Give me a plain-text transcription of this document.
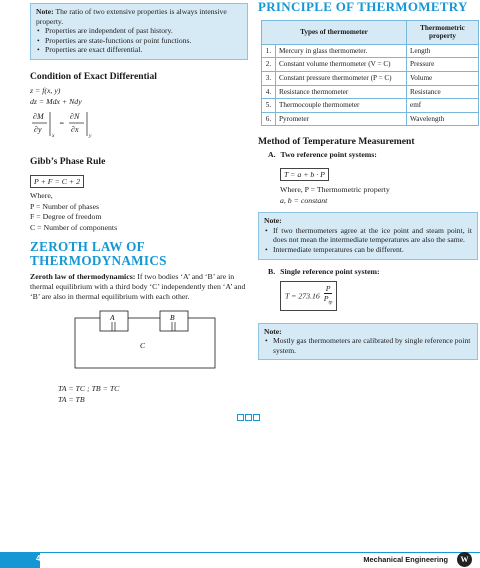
Note: The ratio of two extensive properties is always intensive property.
• Properties are independent of past history.
• Properties are state-functions or point functions.
• Properties are exact differential.
Condition of Exact Differential
z = f(x, y)
dz = Mdx + Ndy
∂M
∂y
x
=
∂N
∂x
y
Gibb’s Phase Rule
P + F = C + 2
Where,
P = Number of phases
F = Degree of freedom
C = Number of components
ZEROTH LAW OF
THERMODYNAMICS
Zeroth law of thermodynamics: If two bodies ‘A’ and ‘B’ are in thermal equilibrium with a third body ‘C’ independently then ‘A’ and ‘B’ are also in thermal equilibrium with each other.
A	B
C
TA = TC ; TB = TC
TA = TB
PRINCIPLE OF THERMOMETRY
Types of thermometer		Thermometric property
1.	Mercury in glass thermometer.	Length
2.	Constant volume thermometer (V = C)	Pressure
3.	Constant pressure thermometer (P = C)	Volume
4.	Resistance thermometer	Resistance
5.	Thermocouple thermometer	emf
6.	Pyrometer	Wavelength
Method of Temperature Measurement
A. Two reference point systems:
T = a + b · P
Where, P = Thermometric property
a, b = constant
Note:
• If two thermometers agree at the ice point and steam point, it does not mean the intermediate temperatures are also the same.
• Intermediate temperatures can be different.
B. Single reference point system:
T = 273.16
P
$P_{tp}$
Note:
• Mostly gas thermometers are calibrated by single reference point system.
4	Mechanical Engineering	W
